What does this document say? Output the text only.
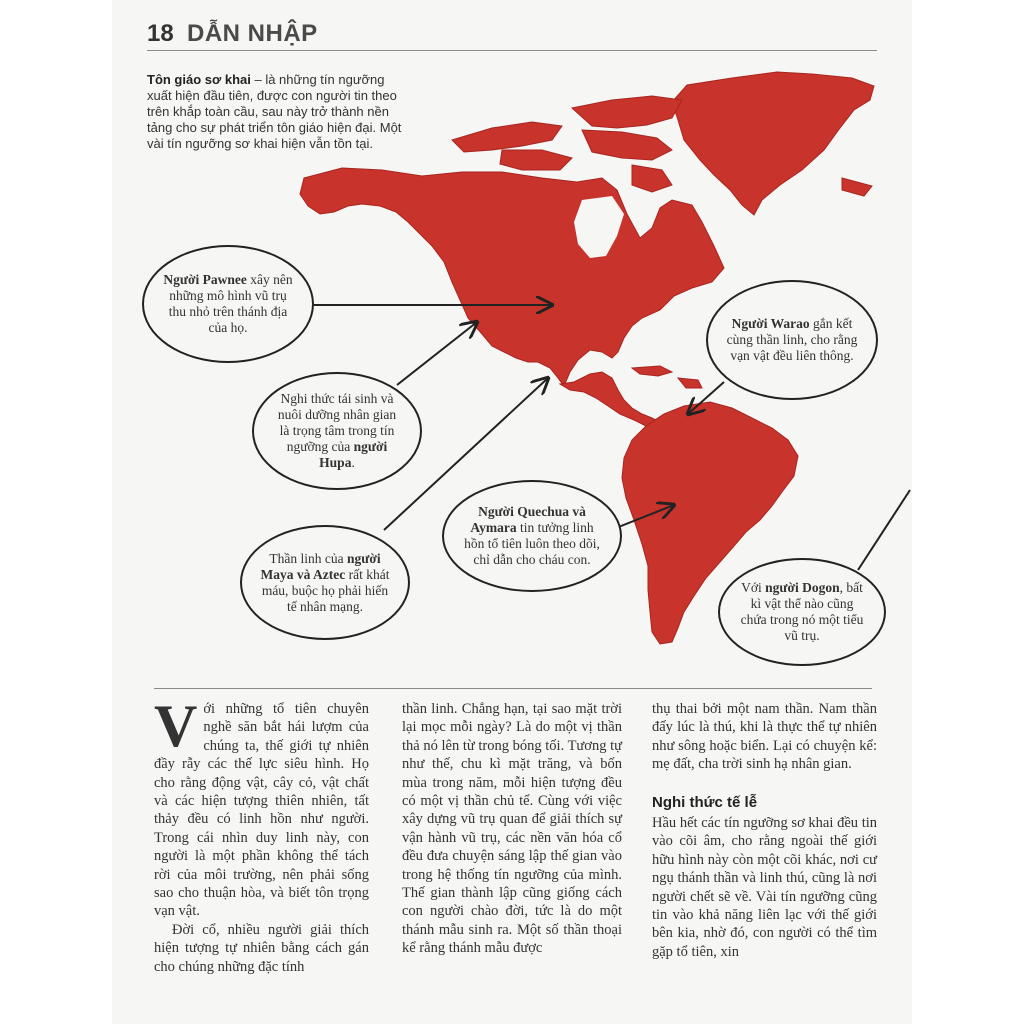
18 DẪN NHẬP
Tôn giáo sơ khai – là những tín ngưỡng xuất hiện đầu tiên, được con người tin theo trên khắp toàn cầu, sau này trở thành nền tảng cho sự phát triển tôn giáo hiện đại. Một vài tín ngưỡng sơ khai hiện vẫn tồn tại.
Người Pawnee xây nên những mô hình vũ trụ thu nhỏ trên thánh địa của họ.
Nghi thức tái sinh và nuôi dưỡng nhân gian là trọng tâm trong tín ngưỡng của người Hupa.
Thần linh của người Maya và Aztec rất khát máu, buộc họ phải hiến tế nhân mạng.
Người Quechua và Aymara tin tưởng linh hồn tổ tiên luôn theo dõi, chỉ dẫn cho cháu con.
Người Warao gắn kết cùng thần linh, cho rằng vạn vật đều liên thông.
Với người Dogon, bất kì vật thể nào cũng chứa trong nó một tiểu vũ trụ.

Với những tổ tiên chuyên nghề săn bắt hái lượm của chúng ta, thế giới tự nhiên đầy rẫy các thế lực siêu hình. Họ cho rằng động vật, cây cỏ, vật chất và các hiện tượng thiên nhiên, tất thảy đều có linh hồn như người. Trong cái nhìn duy linh này, con người là một phần không thể tách rời của môi trường, nên phải sống sao cho thuận hòa, và biết tôn trọng vạn vật.

Đời cổ, nhiều người giải thích hiện tượng tự nhiên bằng cách gán cho chúng những đặc tính

thần linh. Chẳng hạn, tại sao mặt trời lại mọc mỗi ngày? Là do một vị thần thả nó lên từ trong bóng tối. Tương tự như thế, chu kì mặt trăng, và bốn mùa trong năm, mỗi hiện tượng đều có một vị thần chủ tể. Cùng với việc xây dựng vũ trụ quan để giải thích sự vận hành vũ trụ, các nền văn hóa cổ đều đưa chuyện sáng lập thế gian vào trong hệ thống tín ngưỡng của mình. Thế gian thành lập cũng giống cách con người chào đời, tức là do một thánh mẫu sinh ra. Một số thần thoại kể rằng thánh mẫu được

thụ thai bởi một nam thần. Nam thần đấy lúc là thú, khi là thực thể tự nhiên như sông hoặc biển. Lại có chuyện kể: mẹ đất, cha trời sinh hạ nhân gian.

Nghi thức tế lễ

Hầu hết các tín ngưỡng sơ khai đều tin vào cõi âm, cho rằng ngoài thế giới hữu hình này còn một cõi khác, nơi cư ngụ thánh thần và linh thú, cũng là nơi người chết sẽ về. Vài tín ngưỡng cũng tin vào khả năng liên lạc với thế giới bên kia, nhờ đó, con người có thể tìm gặp tổ tiên, xin
